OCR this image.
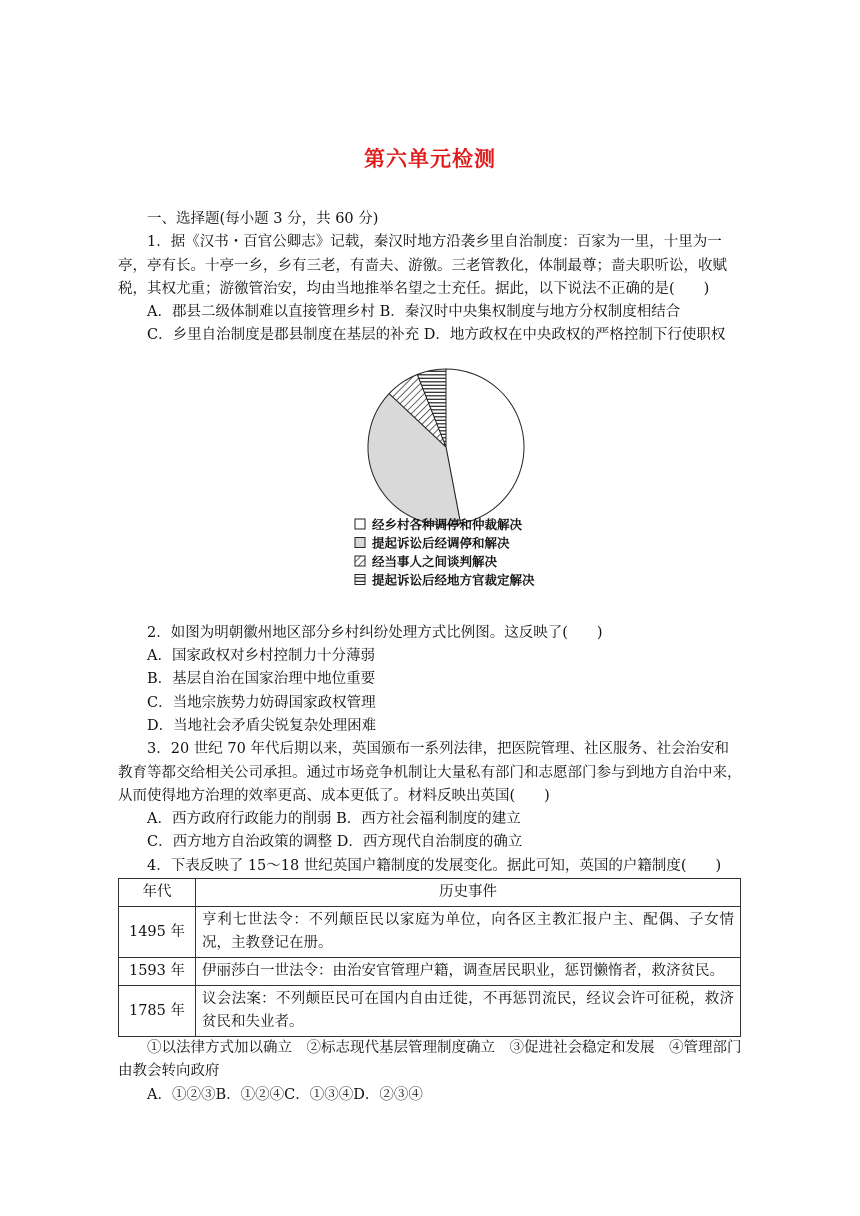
第六单元检测

一、选择题(每小题 3 分，共 60 分)

1．据《汉书・百官公卿志》记载，秦汉时地方沿袭乡里自治制度：百家为一里，十里为一亭，亭有长。十亭一乡，乡有三老，有啬夫、游徼。三老管教化，体制最尊；啬夫职听讼，收赋税，其权尤重；游徼管治安，均由当地推举名望之士充任。据此，以下说法不正确的是(　　)

A．郡县二级体制难以直接管理乡村 B．秦汉时中央集权制度与地方分权制度相结合

C．乡里自治制度是郡县制度在基层的补充 D．地方政权在中央政权的严格控制下行使职权

经乡村各种调停和仲裁解决
提起诉讼后经调停和解决
经当事人之间谈判解决
提起诉讼后经地方官裁定解决

2．如图为明朝徽州地区部分乡村纠纷处理方式比例图。这反映了(　　)

A．国家政权对乡村控制力十分薄弱

B．基层自治在国家治理中地位重要

C．当地宗族势力妨碍国家政权管理

D．当地社会矛盾尖锐复杂处理困难

3．20 世纪 70 年代后期以来，英国颁布一系列法律，把医院管理、社区服务、社会治安和教育等都交给相关公司承担。通过市场竞争机制让大量私有部门和志愿部门参与到地方自治中来，从而使得地方治理的效率更高、成本更低了。材料反映出英国(　　)

A．西方政府行政能力的削弱 B．西方社会福利制度的建立

C．西方地方自治政策的调整 D．西方现代自治制度的确立

4．下表反映了 15～18 世纪英国户籍制度的发展变化。据此可知，英国的户籍制度(　　)

年代	历史事件
1495 年	亨利七世法令：不列颠臣民以家庭为单位，向各区主教汇报户主、配偶、子女情况，主教登记在册。
1593 年	伊丽莎白一世法令：由治安官管理户籍，调查居民职业，惩罚懒惰者，救济贫民。
1785 年	议会法案：不列颠臣民可在国内自由迁徙，不再惩罚流民，经议会许可征税，救济贫民和失业者。

①以法律方式加以确立　②标志现代基层管理制度确立　③促进社会稳定和发展　④管理部门由教会转向政府

A．①②③B．①②④C．①③④D．②③④
